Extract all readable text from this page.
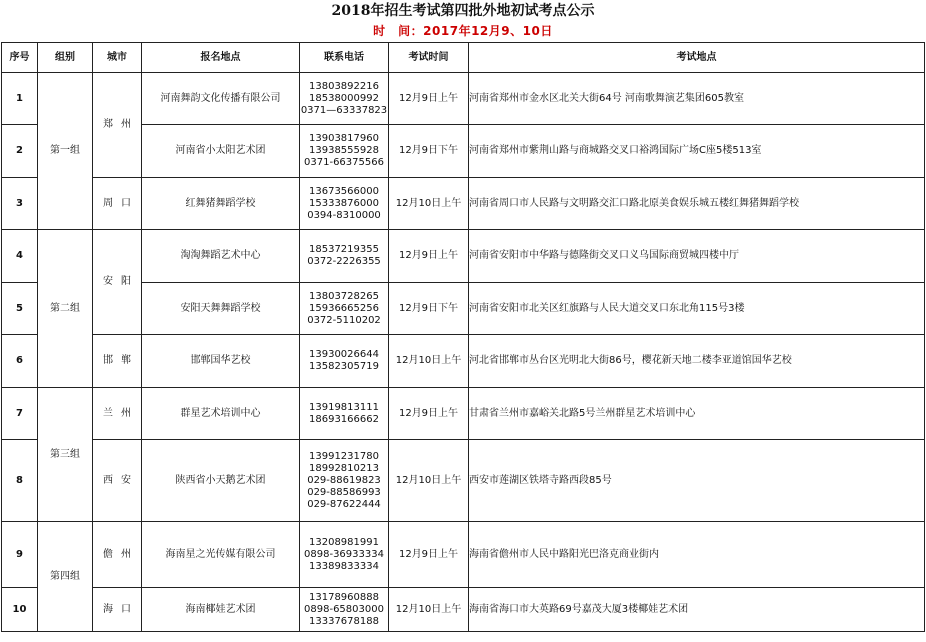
2018年招生考试第四批外地初试考点公示
时　间：2017年12月9、10日
序号	组别	城市	报名地点	联系电话	考试时间	考试地点
1	第一组	郑州	河南舞韵文化传播有限公司	13803892216
18538000992
0371—63337823	12月9日上午	河南省郑州市金水区北关大街64号 河南歌舞演艺集团605教室
2			河南省小太阳艺术团	13903817960
13938555928
0371-66375566	12月9日下午	河南省郑州市紫荆山路与商城路交叉口裕鸿国际广场C座5楼513室
3		周口	红舞猪舞蹈学校	13673566000
15333876000
0394-8310000	12月10日上午	河南省周口市人民路与文明路交汇口路北原美食娱乐城五楼红舞猪舞蹈学校
4	第二组	安阳	淘淘舞蹈艺术中心	18537219355
0372-2226355	12月9日上午	河南省安阳市中华路与德隆街交叉口义乌国际商贸城四楼中厅
5			安阳天舞舞蹈学校	13803728265
15936665256
0372-5110202	12月9日下午	河南省安阳市北关区红旗路与人民大道交叉口东北角115号3楼
6		邯郸	邯郸国华艺校	13930026644
13582305719	12月10日上午	河北省邯郸市丛台区光明北大街86号，樱花新天地二楼李亚道馆国华艺校
7	第三组	兰州	群星艺术培训中心	13919813111
18693166662	12月9日上午	甘肃省兰州市嘉峪关北路5号兰州群星艺术培训中心
8		西安	陕西省小天鹅艺术团	13991231780
18992810213
029-88619823
029-88586993
029-87622444	12月10日上午	西安市莲湖区铁塔寺路西段85号
9	第四组	儋州	海南星之光传媒有限公司	13208981991
0898-36933334
13389833334	12月9日上午	海南省儋州市人民中路阳光巴洛克商业街内
10		海口	海南椰娃艺术团	13178960888
0898-65803000
13337678188	12月10日上午	海南省海口市大英路69号嘉茂大厦3楼椰娃艺术团
